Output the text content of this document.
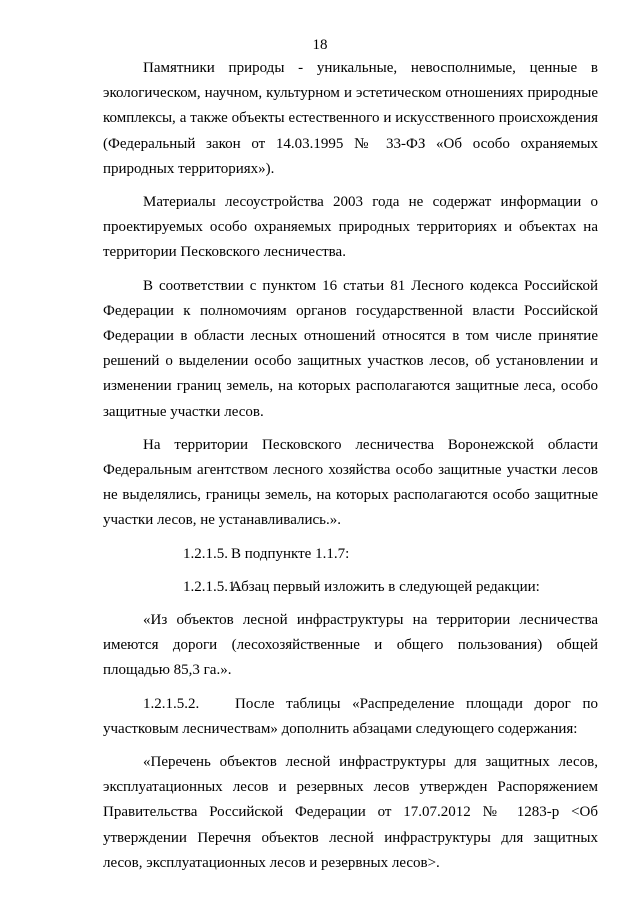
18

Памятники природы - уникальные, невосполнимые, ценные в экологическом, научном, культурном и эстетическом отношениях природные комплексы, а также объекты естественного и искусственного происхождения (Федеральный закон от 14.03.1995 № 33-ФЗ «Об особо охраняемых природных территориях»).

Материалы лесоустройства 2003 года не содержат информации о проектируемых особо охраняемых природных территориях и объектах на территории Песковского лесничества.

В соответствии с пунктом 16 статьи 81 Лесного кодекса Российской Федерации к полномочиям органов государственной власти Российской Федерации в области лесных отношений относятся в том числе принятие решений о выделении особо защитных участков лесов, об установлении и изменении границ земель, на которых располагаются защитные леса, особо защитные участки лесов.

На территории Песковского лесничества Воронежской области Федеральным агентством лесного хозяйства особо защитные участки лесов не выделялись, границы земель, на которых располагаются особо защитные участки лесов, не устанавливались.».

1.2.1.5. В подпункте 1.1.7:

1.2.1.5.1.Абзац первый изложить в следующей редакции:

«Из объектов лесной инфраструктуры на территории лесничества имеются дороги (лесохозяйственные и общего пользования) общей площадью 85,3 га.».

1.2.1.5.2. После таблицы «Распределение площади дорог по участковым лесничествам» дополнить абзацами следующего содержания:

«Перечень объектов лесной инфраструктуры для защитных лесов, эксплуатационных лесов и резервных лесов утвержден Распоряжением Правительства Российской Федерации от 17.07.2012 № 1283-р <Об утверждении Перечня объектов лесной инфраструктуры для защитных лесов, эксплуатационных лесов и резервных лесов>.
